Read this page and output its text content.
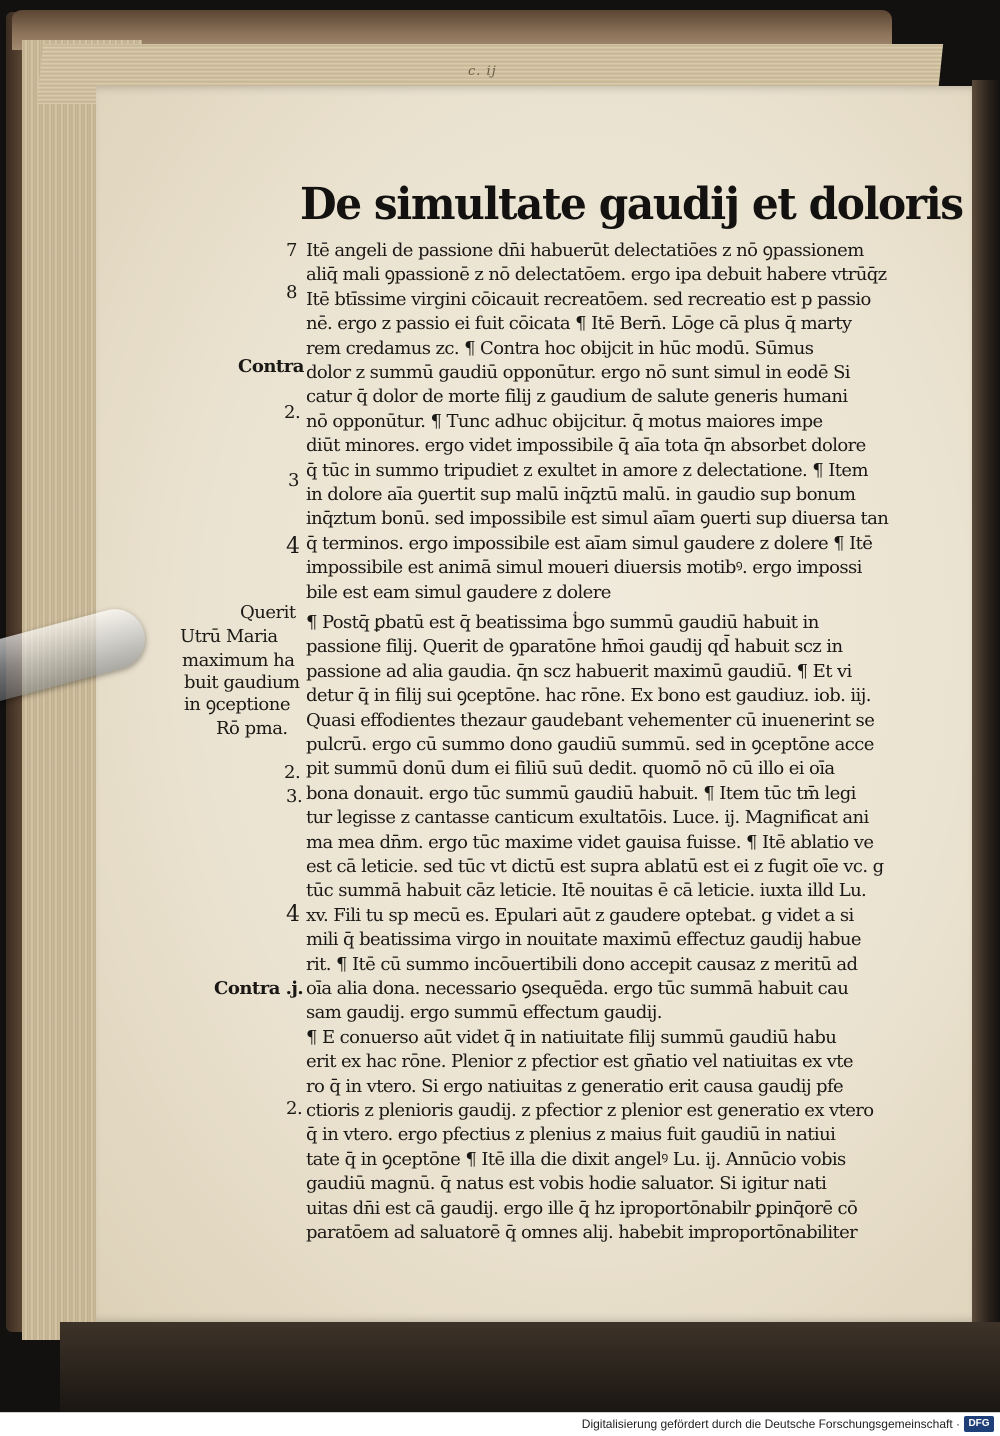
c. ij
De simultate gaudij et doloris
Itē angeli de passione dn̄i habuerūt delectatiōes z nō ꝯpassionem
aliq̄ mali ꝯpassionē z nō delectatōem. ergo ipa debuit habere vtrūq̄z
Itē btīssime virgini cōicauit recreatōem. sed recreatio est p passio
nē. ergo z passio ei fuit cōicata ¶ Itē Bern̄. Lōge cā plus q̄ marty
rem credamus zc. ¶ Contra hoc obijcit in hūc modū. Sūmus
dolor z summū gaudiū opponūtur. ergo nō sunt simul in eodē Si
catur q̄ dolor de morte filij z gaudium de salute generis humani
nō opponūtur. ¶ Tunc adhuc obijcitur. q̄ motus maiores impe
diūt minores. ergo videt impossibile q̄ aīa tota q̄n absorbet dolore
q̄ tūc in summo tripudiet z exultet in amore z delectatione. ¶ Item
in dolore aīa ꝯuertit sup malū inq̄ztū malū. in gaudio sup bonum
inq̄ztum bonū. sed impossibile est simul aīam ꝯuerti sup diuersa tan
q̄ terminos. ergo impossibile est aīam simul gaudere z dolere ¶ Itē
impossibile est animā simul moueri diuersis motibꝰ. ergo impossi
bile est eam simul gaudere z dolere
¶ Postq̄ ꝑbatū est q̄ beatissima ḃgo summū gaudiū habuit in
passione filij. Querit de ꝯparatōne hm̄oi gaudij qd̄ habuit scz in
passione ad alia gaudia. q̄n scz habuerit maximū gaudiū. ¶ Et vi
detur q̄ in filij sui ꝯceptōne. hac rōne. Ex bono est gaudiuz. iob. iij.
Quasi effodientes thezaur gaudebant vehementer cū inuenerint se
pulcrū. ergo cū summo dono gaudiū summū. sed in ꝯceptōne acce
pit summū donū dum ei filiū suū dedit. quomō nō cū illo ei oīa
bona donauit. ergo tūc summū gaudiū habuit. ¶ Item tūc tm̄ legi
tur legisse z cantasse canticum exultatōis. Luce. ij. Magnificat ani
ma mea dn̄m. ergo tūc maxime videt gauisa fuisse. ¶ Itē ablatio ve
est cā leticie. sed tūc vt dictū est supra ablatū est ei z fugit oīe vc. g
tūc summā habuit cāz leticie. Itē nouitas ē cā leticie. iuxta illd Lu.
xv. Fili tu sp mecū es. Epulari aūt z gaudere optebat. g videt a si
mili q̄ beatissima virgo in nouitate maximū effectuz gaudij habue
rit. ¶ Itē cū summo incōuertibili dono accepit causaz z meritū ad
oīa alia dona. necessario ꝯsequēda. ergo tūc summā habuit cau
sam gaudij. ergo summū effectum gaudij.
¶ E conuerso aūt videt q̄ in natiuitate filij summū gaudiū habu
erit ex hac rōne. Plenior z pfectior est gn̄atio vel natiuitas ex vte
ro q̄ in vtero. Si ergo natiuitas z generatio erit causa gaudij pfe
ctioris z plenioris gaudij. z pfectior z plenior est generatio ex vtero
q̄ in vtero. ergo pfectius z plenius z maius fuit gaudiū in natiui
tate q̄ in ꝯceptōne ¶ Itē illa die dixit angelꝰ Lu. ij. Annūcio vobis
gaudiū magnū. q̄ natus est vobis hodie saluator. Si igitur nati
uitas dn̄i est cā gaudij. ergo ille q̄ hz iproportōnabilr ꝑpinq̄orē cō
paratōem ad saluatorē q̄ omnes alij. habebit improportōnabiliter
7
8
Contra
2.
3
4
Querit
Utrū Maria
maximum ha
buit gaudium
in ꝯceptione
Rō pma.
2.
3.
4
Contra .j.
2.
Digitalisierung gefördert durch die Deutsche Forschungsgemeinschaft · DFG
